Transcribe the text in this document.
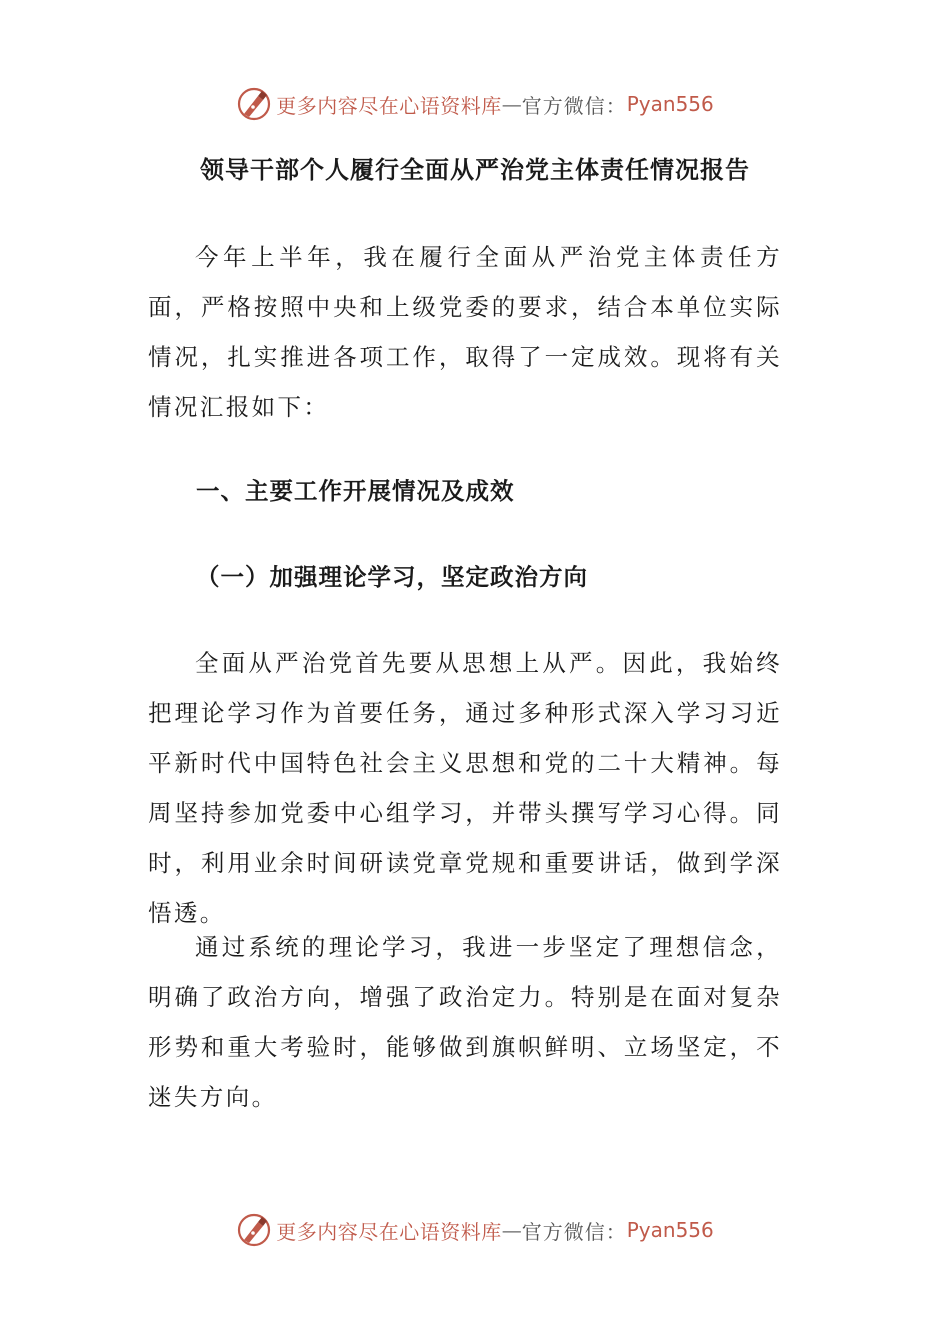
更多内容尽在心语资料库 — 官方微信： Pyan556
领导干部个人履行全面从严治党主体责任情况报告

今年上半年，我在履行全面从严治党主体责任方面，严格按照中央和上级党委的要求，结合本单位实际情况，扎实推进各项工作，取得了一定成效。现将有关情况汇报如下：

一、主要工作开展情况及成效

（一）加强理论学习，坚定政治方向

全面从严治党首先要从思想上从严。因此，我始终把理论学习作为首要任务，通过多种形式深入学习习近平新时代中国特色社会主义思想和党的二十大精神。每周坚持参加党委中心组学习，并带头撰写学习心得。同时，利用业余时间研读党章党规和重要讲话，做到学深悟透。

通过系统的理论学习，我进一步坚定了理想信念，明确了政治方向，增强了政治定力。特别是在面对复杂形势和重大考验时，能够做到旗帜鲜明、立场坚定，不迷失方向。

更多内容尽在心语资料库 — 官方微信： Pyan556
